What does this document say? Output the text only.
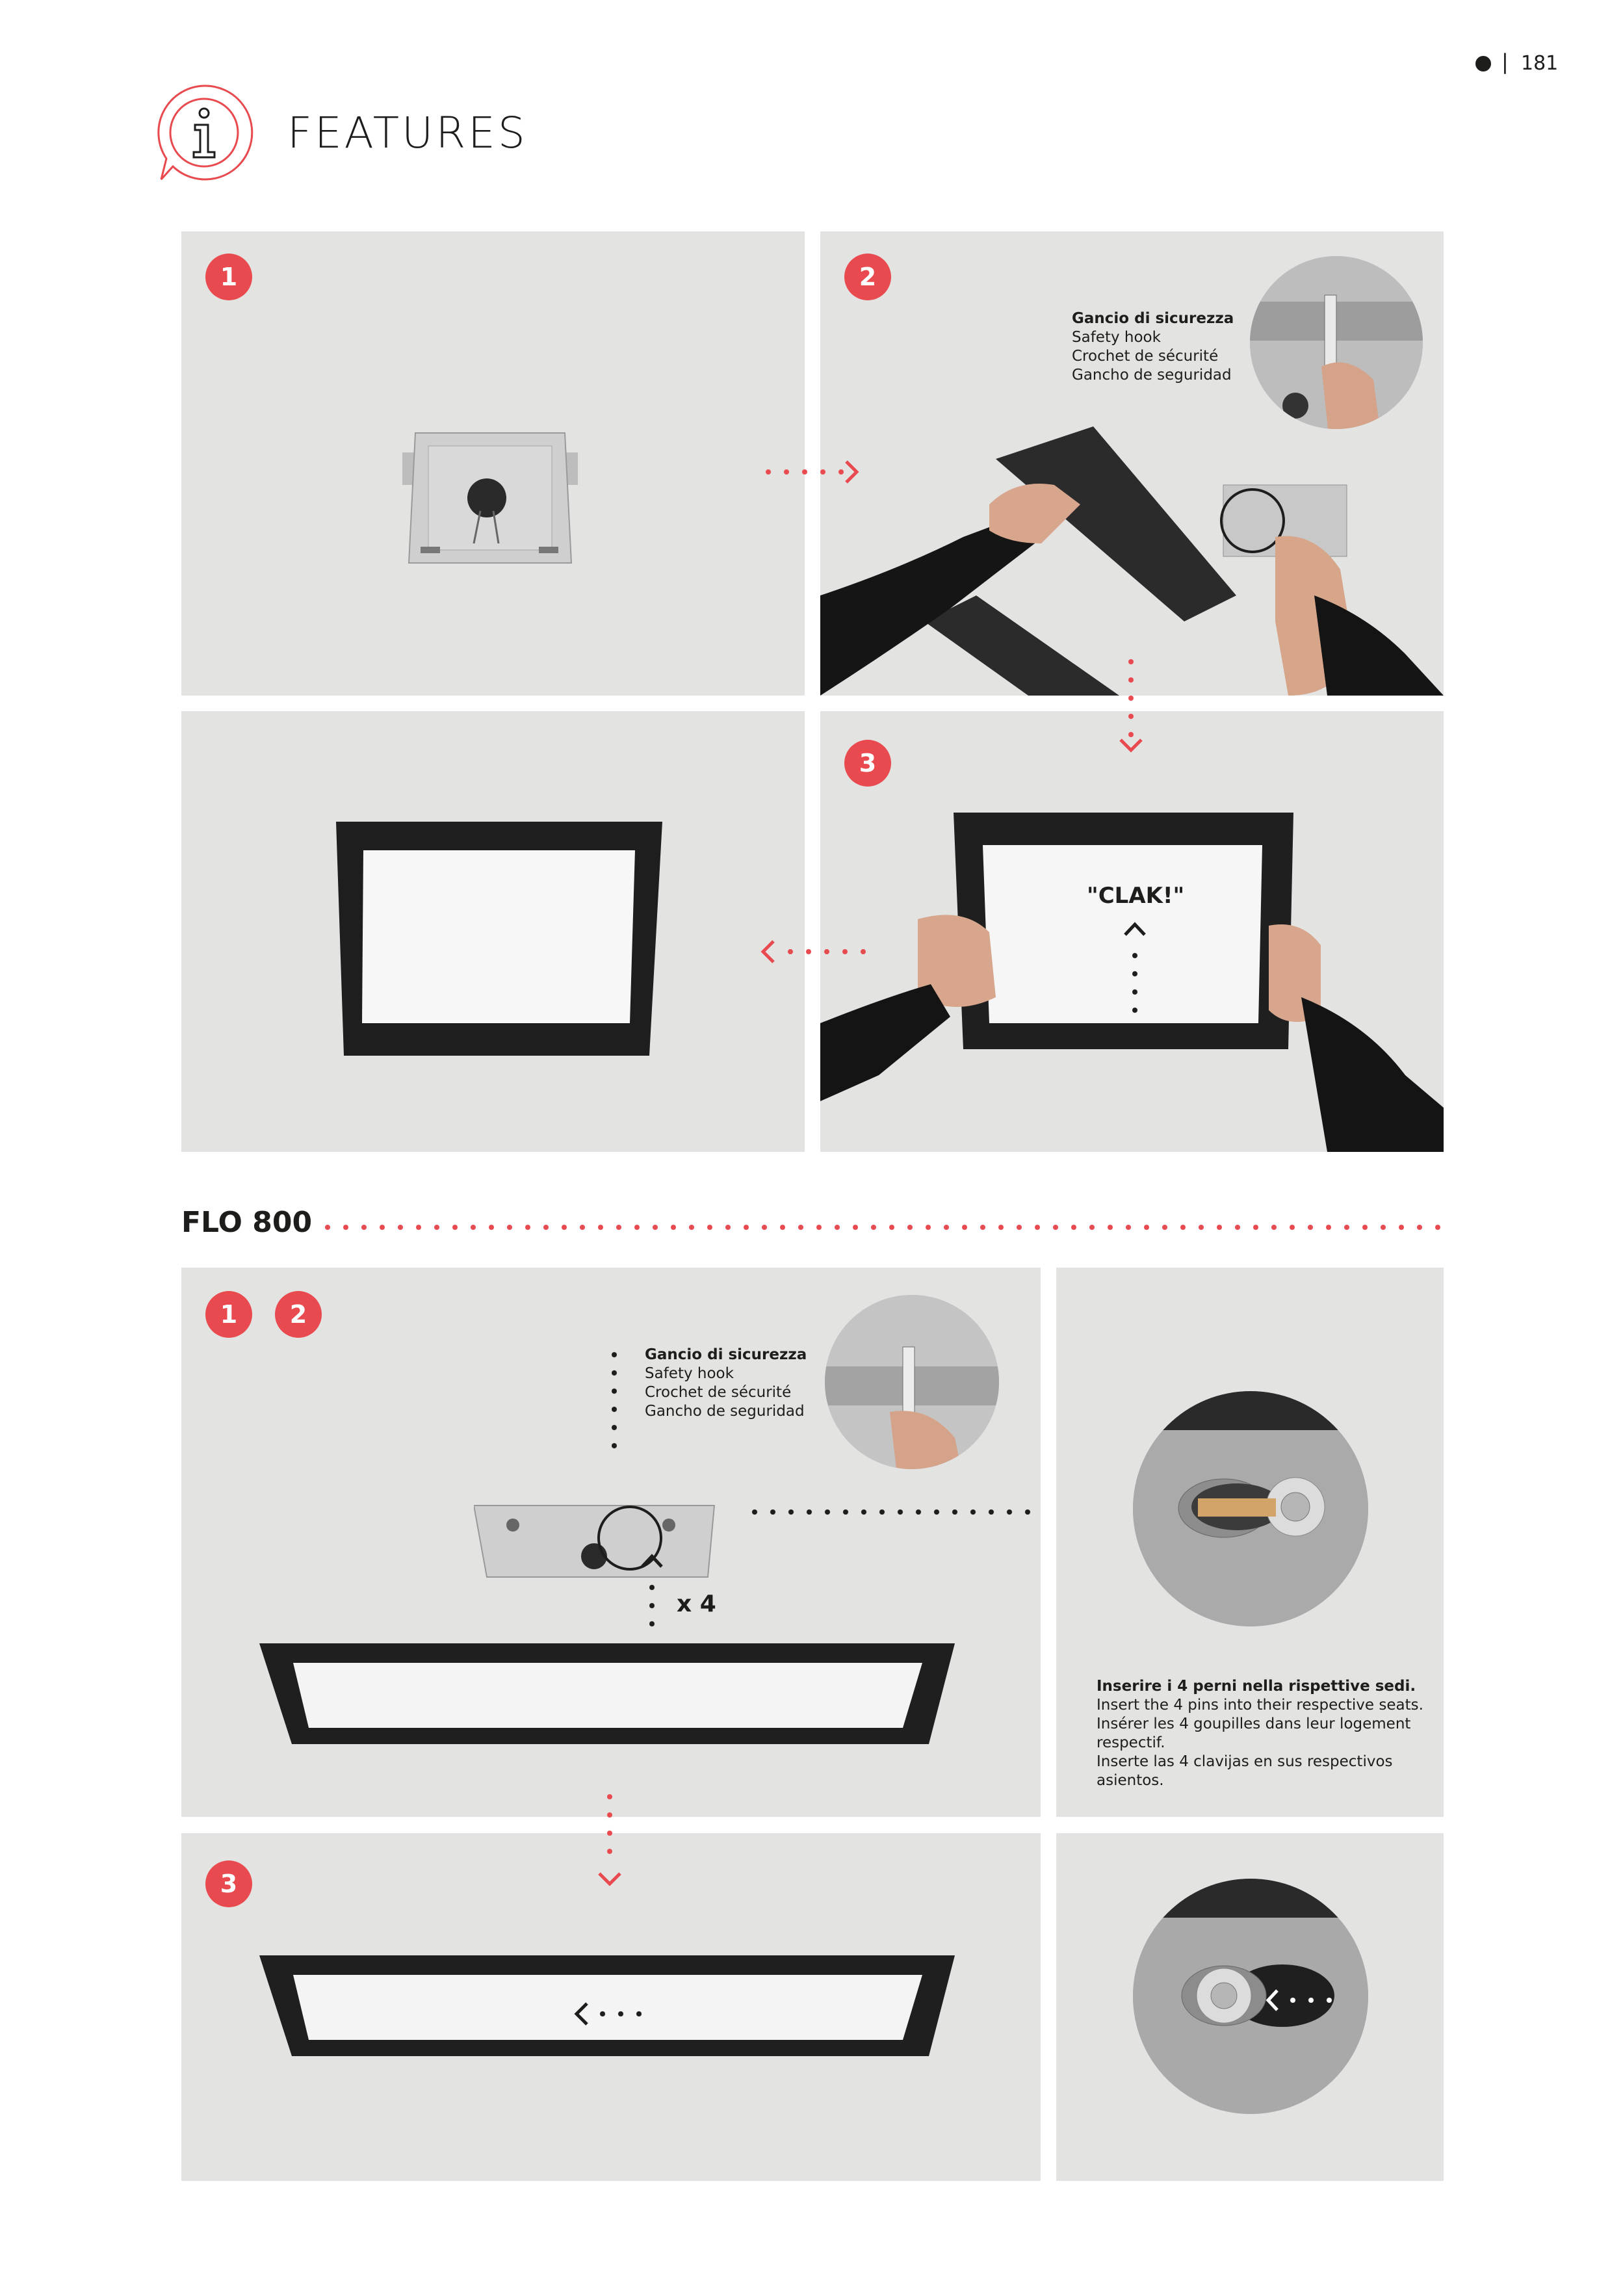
| 181
FEATURES
1	2
Gancio di sicurezza
Safety hook
Crochet de sécurité
Gancho de seguridad
3
"CLAK!"
FLO 800
1	2
Gancio di sicurezza
Safety hook
Crochet de sécurité
Gancho de seguridad
x 4
Inserire i 4 perni nella rispettive sedi.
Insert the 4 pins into their respective seats.
Insérer les 4 goupilles dans leur logement respectif.
Inserte las 4 clavijas en sus respectivos asientos.
3
